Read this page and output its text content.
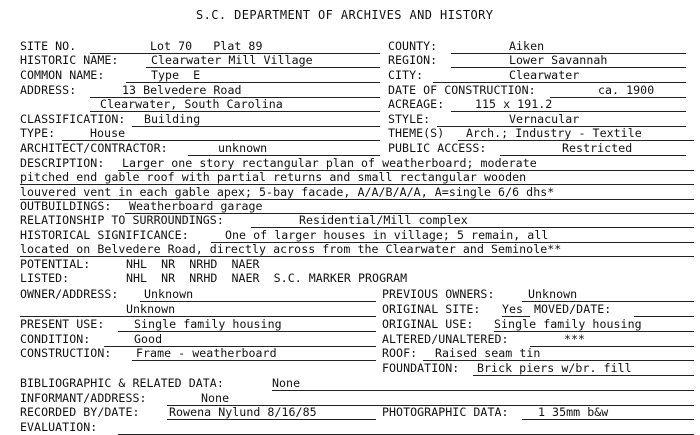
S.C. DEPARTMENT OF ARCHIVES AND HISTORY
SITE NO.	Lot 70   Plat 89	COUNTY:	Aiken
HISTORIC NAME:	Clearwater Mill Village	REGION:	Lower Savannah
COMMON NAME:	Type  E	CITY:	Clearwater
ADDRESS:	13 Belvedere Road	DATE OF CONSTRUCTION:	ca. 1900
Clearwater, South Carolina	ACREAGE:	115 x 191.2
CLASSIFICATION:	Building	STYLE:	Vernacular
TYPE:	House	THEME(S)	Arch.; Industry - Textile
ARCHITECT/CONTRACTOR:	unknown	PUBLIC ACCESS:	Restricted
DESCRIPTION:	Larger one story rectangular plan of weatherboard; moderate
pitched end gable roof with partial returns and small rectangular wooden
louvered vent in each gable apex; 5-bay facade, A/A/B/A/A, A=single 6/6 dhs*
OUTBUILDINGS:	Weatherboard garage
RELATIONSHIP TO SURROUNDINGS:	Residential/Mill complex
HISTORICAL SIGNIFICANCE:	One of larger houses in village; 5 remain, all
located on Belvedere Road, directly across from the Clearwater and Seminole**
POTENTIAL:	NHL  NR  NRHD  NAER
LISTED:	NHL  NR  NRHD  NAER  S.C. MARKER PROGRAM
OWNER/ADDRESS:	Unknown	PREVIOUS OWNERS:	Unknown
Unknown	ORIGINAL SITE: Yes MOVED/DATE:
PRESENT USE:	Single family housing	ORIGINAL USE: Single family housing
CONDITION:	Good	ALTERED/UNALTERED:	***
CONSTRUCTION:	Frame - weatherboard	ROOF:	Raised seam tin
FOUNDATION:	Brick piers w/br. fill
BIBLIOGRAPHIC & RELATED DATA:	None
INFORMANT/ADDRESS:	None
RECORDED BY/DATE:	Rowena Nylund 8/16/85	PHOTOGRAPHIC DATA:	1 35mm b&w
EVALUATION:
